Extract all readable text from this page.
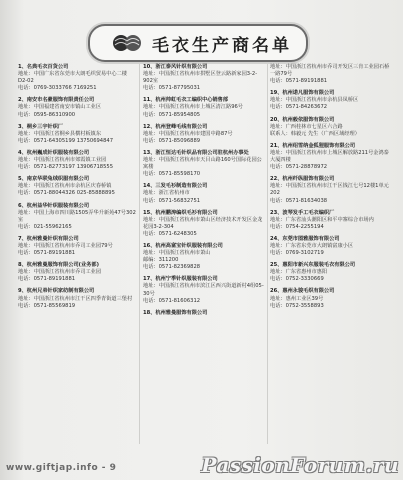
毛衣生产商名单
1、名典毛衣百货公司
地址：中国广东省东莞市大朗毛织贸易中心二楼D2-02
电话：0769-3033766 7169251
2、南安市名豪服饰有限责任公司
地址：中国福建省南安市镇山工业区
电话：0595-86310900
3、桐乡三宇针织厂
地址：中国浙江省桐乡县横村板镇东
电话：0571-64305199 13750694847
4、杭州巍成针织服装有限公司
地址：中国浙江省杭州市郊霞镇工业园
电话：0571-82773197 13906718555
5、南京华联兔绒织服有限公司
地址：中国浙江省杭州市余杭区庆春桥镇
电话：0571-88044326 025-85888895
6、杭州益华针织服装有限公司
地址：中国上海市四川路1505弄华升新苑47号302室
电话：021-55962165
7、杭州雅曼针织有限公司
地址：中国浙江省杭州市乔司工业园79号
电话：0571-89191881
8、杭州雅曼服饰有限公司(业务部)
地址：中国浙江省杭州市乔司工业园
电话：0571-89191881
9、杭州兄弟针织家纺制有限公司
地址：中国浙江省杭州市江干区四季青街道三堡村
电话：0571-85569819
10、浙江泰风针织有限公司
地址：中国浙江省杭州市拱墅区登云路新家园3-2-902室
电话：0571-87795031
11、杭州帅虹毛衣工编织中心销售部
地址：中国浙江省杭州市上城区清江路96号
电话：0571-85954805
12、杭州登峰毛线有限公司
地址：中国浙江省杭州市建国中路87号
电话：0571-85096889
13、浙江恒达毛针织品有限公司驻杭州办事处
地址：中国浙江省杭州市天目山路160号国际花园公寓楼
电话：0571-85598170
14、三发毛衫制造有限公司
地址：浙江省杭州市
电话：0571-56832751
15、杭州鹏涛编织毛衫有限公司
地址：中国浙江省杭州市萧山区经济技术开发区金龙花园3-2-304
电话：0571-6248305
16、杭州高富宝针织服装有限公司
地址：中国浙江省杭州市萧山
邮编：311200
电话：0571-82369828
17、杭州宁季针织服装有限公司
地址：中国浙江省杭州市滨江区西兴街道新村4组05-30号
电话：0571-81606312
18、杭州雅曼服饰有限公司
地址：中国浙江省杭州市乔司开发区三肯工业园石桥一路79号
电话：0571-89191881
19、杭州诺凡服饰有限公司
地址：中国浙江省杭州市余杭县凤桥区
电话：0571-84263672
20、杭州毅依服饰有限公司
地址：广西桂林市七星区六合路
联系人：韩毅元 先生（广西区域经理）
21、杭州绍雪纳金狐狸服饰有限公司
地址：中国浙江省杭州市上城区解放路211号金鸿泰大厦四楼
电话：0571-28878972
22、杭州纤纵服饰有限公司
地址：中国浙江省杭州市江干区钱江七号12楼1单元202
电话：0571-81634038
23、波琴发手工毛衣编织厂
地址：广东省汕头潮阳区和平中寨综合市场内
电话：0754-2255194
24、东莞市图雅服饰有限公司
地址：广东省东莞市大朗镇富康小区
电话：0769-3102719
25、惠阳市新兴东服装毛衣有限公司
地址：广东省惠州市惠阳
电话：0752-3330669
26、惠州永骏毛织有限公司
地址：惠州工业区39号
电话：0752-3558893
www.giftjap.info - 9	PassionForum.ru
